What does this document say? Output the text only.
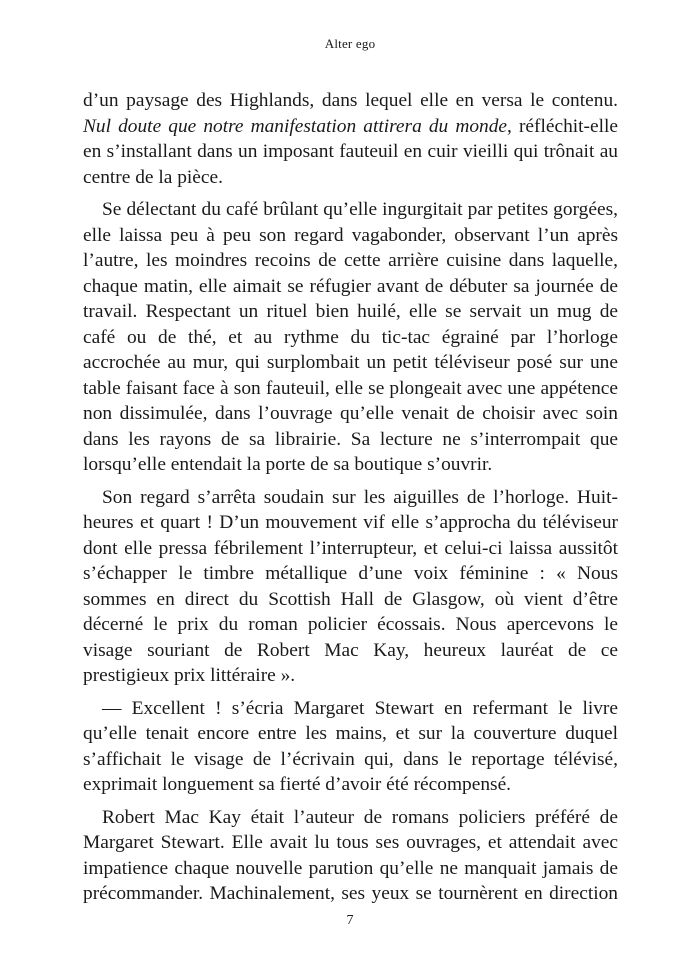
Alter ego

d’un paysage des Highlands, dans lequel elle en versa le contenu. Nul doute que notre manifestation attirera du monde, réfléchit-elle en s’installant dans un imposant fauteuil en cuir vieilli qui trônait au centre de la pièce.

Se délectant du café brûlant qu’elle ingurgitait par petites gorgées, elle laissa peu à peu son regard vagabonder, observant l’un après l’autre, les moindres recoins de cette arrière cuisine dans laquelle, chaque matin, elle aimait se réfugier avant de débuter sa journée de travail. Respectant un rituel bien huilé, elle se servait un mug de café ou de thé, et au rythme du tic-tac égrainé par l’horloge accrochée au mur, qui surplombait un petit téléviseur posé sur une table faisant face à son fauteuil, elle se plongeait avec une appétence non dissimulée, dans l’ouvrage qu’elle venait de choisir avec soin dans les rayons de sa librairie. Sa lecture ne s’interrompait que lorsqu’elle entendait la porte de sa boutique s’ouvrir.

Son regard s’arrêta soudain sur les aiguilles de l’horloge. Huit-heures et quart ! D’un mouvement vif elle s’approcha du téléviseur dont elle pressa fébrilement l’interrupteur, et celui-ci laissa aussitôt s’échapper le timbre métallique d’une voix féminine : « Nous sommes en direct du Scottish Hall de Glasgow, où vient d’être décerné le prix du roman policier écossais. Nous apercevons le visage souriant de Robert Mac Kay, heureux lauréat de ce prestigieux prix littéraire ».

— Excellent ! s’écria Margaret Stewart en refermant le livre qu’elle tenait encore entre les mains, et sur la couverture duquel s’affichait le visage de l’écrivain qui, dans le reportage télévisé, exprimait longuement sa fierté d’avoir été récompensé.

Robert Mac Kay était l’auteur de romans policiers préféré de Margaret Stewart. Elle avait lu tous ses ouvrages, et attendait avec impatience chaque nouvelle parution qu’elle ne manquait jamais de précommander. Machinalement, ses yeux se tournèrent en direction

7
